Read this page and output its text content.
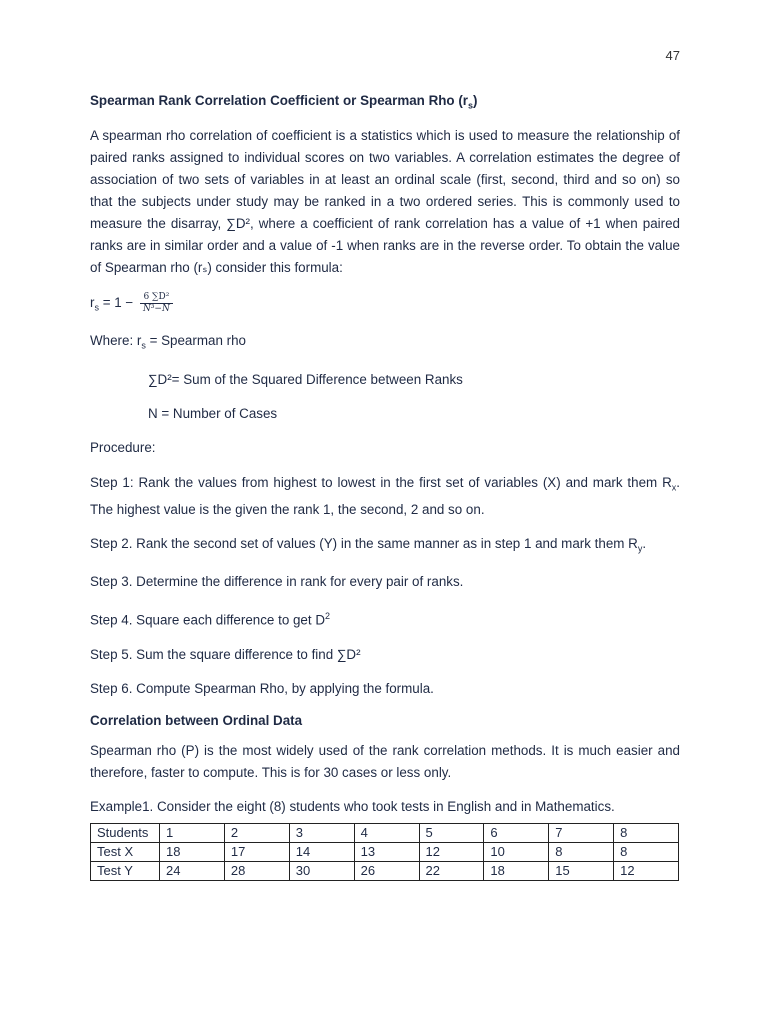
47
Spearman Rank Correlation Coefficient or Spearman Rho $(r_s)$
A spearman rho correlation of coefficient is a statistics which is used to measure the relationship of paired ranks assigned to individual scores on two variables. A correlation estimates the degree of association of two sets of variables in at least an ordinal scale (first, second, third and so on) so that the subjects under study may be ranked in a two ordered series. This is commonly used to measure the disarray, ∑D², where a coefficient of rank correlation has a value of +1 when paired ranks are in similar order and a value of -1 when ranks are in the reverse order. To obtain the value of Spearman rho (rₛ) consider this formula:
$r_s = 1 - \frac{\text{6 ∑D²}}{\text{N³−N}}$
Where: $r_s$ = Spearman rho
∑D²= Sum of the Squared Difference between Ranks
N = Number of Cases
Procedure:
Step 1: Rank the values from highest to lowest in the first set of variables (X) and mark them $R_x$. The highest value is the given the rank 1, the second, 2 and so on.
Step 2. Rank the second set of values (Y) in the same manner as in step 1 and mark them $R_y$.
Step 3. Determine the difference in rank for every pair of ranks.
Step 4. Square each difference to get $D^2$
Step 5. Sum the square difference to find ∑D²
Step 6. Compute Spearman Rho, by applying the formula.
Correlation between Ordinal Data
Spearman rho (P) is the most widely used of the rank correlation methods. It is much easier and therefore, faster to compute. This is for 30 cases or less only.
Example1. Consider the eight (8) students who took tests in English and in Mathematics.
Students	1	2	3	4	5	6	7	8
Test X	18	17	14	13	12	10	8	8
Test Y	24	28	30	26	22	18	15	12
